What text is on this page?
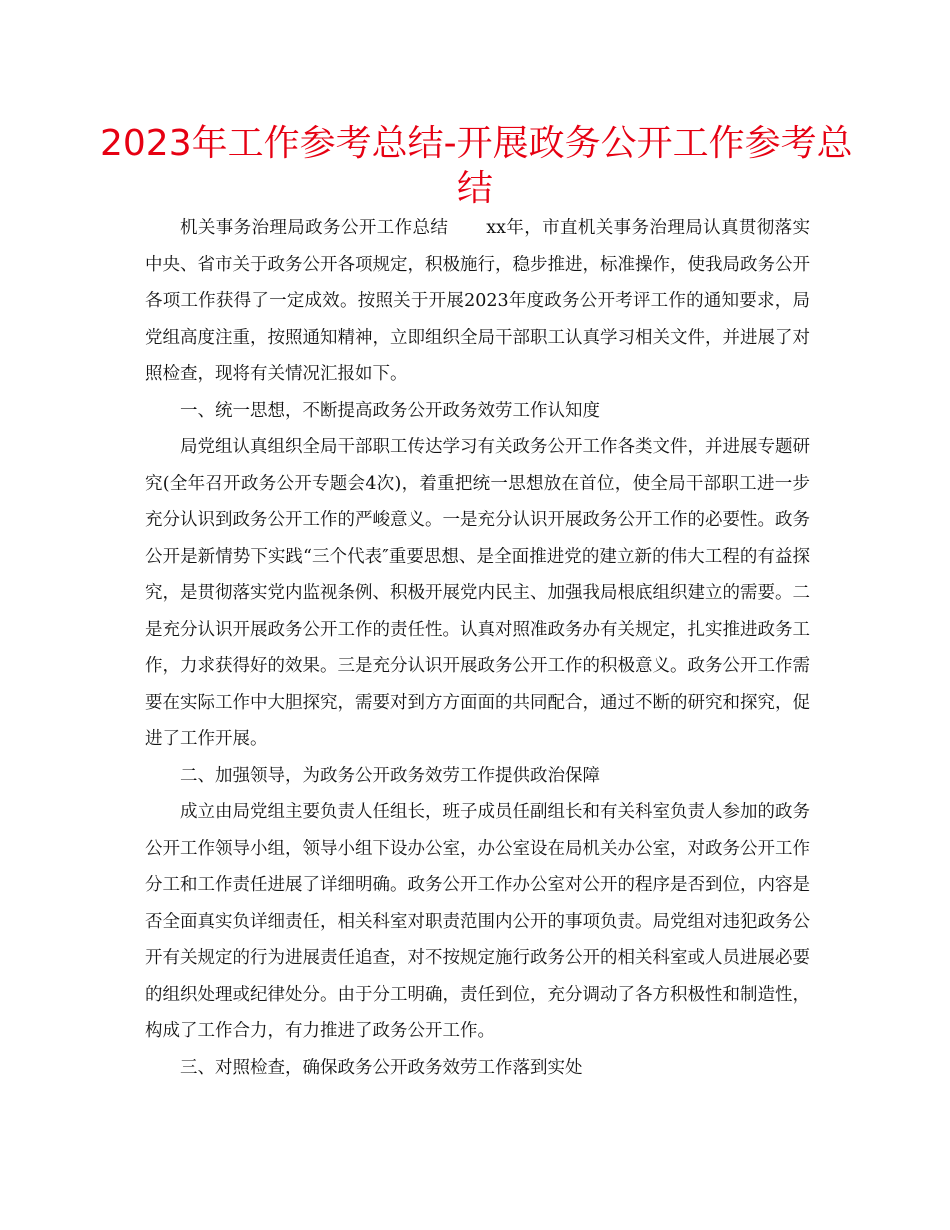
2023年工作参考总结-开展政务公开工作参考总
结

机关事务治理局政务公开工作总结 xx年，市直机关事务治理局认真贯彻落实中央、省市关于政务公开各项规定，积极施行，稳步推进，标准操作，使我局政务公开各项工作获得了一定成效。按照关于开展2023年度政务公开考评工作的通知要求，局党组高度注重，按照通知精神，立即组织全局干部职工认真学习相关文件，并进展了对照检查，现将有关情况汇报如下。

一、统一思想，不断提高政务公开政务效劳工作认知度

局党组认真组织全局干部职工传达学习有关政务公开工作各类文件，并进展专题研究(全年召开政务公开专题会4次)，着重把统一思想放在首位，使全局干部职工进一步充分认识到政务公开工作的严峻意义。一是充分认识开展政务公开工作的必要性。政务公开是新情势下实践“三个代表″重要思想、是全面推进党的建立新的伟大工程的有益探究，是贯彻落实党内监视条例、积极开展党内民主、加强我局根底组织建立的需要。二是充分认识开展政务公开工作的责任性。认真对照准政务办有关规定，扎实推进政务工作，力求获得好的效果。三是充分认识开展政务公开工作的积极意义。政务公开工作需要在实际工作中大胆探究，需要对到方方面面的共同配合，通过不断的研究和探究，促进了工作开展。

二、加强领导，为政务公开政务效劳工作提供政治保障

成立由局党组主要负责人任组长，班子成员任副组长和有关科室负责人参加的政务公开工作领导小组，领导小组下设办公室，办公室设在局机关办公室，对政务公开工作分工和工作责任进展了详细明确。政务公开工作办公室对公开的程序是否到位，内容是否全面真实负详细责任，相关科室对职责范围内公开的事项负责。局党组对违犯政务公开有关规定的行为进展责任追查，对不按规定施行政务公开的相关科室或人员进展必要的组织处理或纪律处分。由于分工明确，责任到位，充分调动了各方积极性和制造性，构成了工作合力，有力推进了政务公开工作。

三、对照检查，确保政务公开政务效劳工作落到实处
